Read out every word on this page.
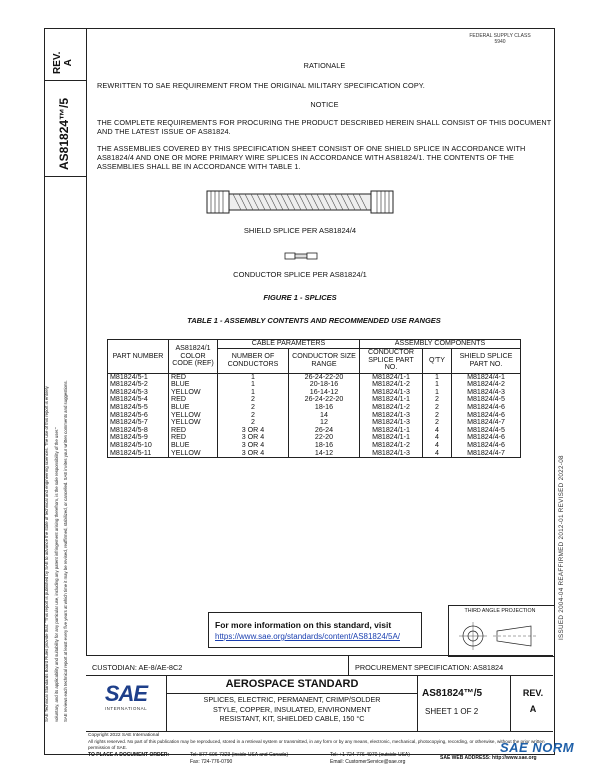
FEDERAL SUPPLY CLASS
5940
REV. A
AS81824™/5
SAE Technical Standards Board Rules provide that: "This report is published by SAE to advance the state of technical and engineering sciences. The use of this report is entirely	voluntary, and its applicability and suitability for any particular use, including any patent infringement arising therefrom, is the sole responsibility of the user."	SAE reviews each technical report at least every five years at which time it may be revised, reaffirmed, stabilized, or cancelled. SAE invites your written comments and suggestions.	ISSUED 2004-04 REAFFIRMED 2012-01 REVISED 2022-08
RATIONALE
REWRITTEN TO SAE REQUIREMENT FROM THE ORIGINAL MILITARY SPECIFICATION COPY.
NOTICE
THE COMPLETE REQUIREMENTS FOR PROCURING THE PRODUCT DESCRIBED HEREIN SHALL CONSIST OF THIS DOCUMENT AND THE LATEST ISSUE OF AS81824.
THE ASSEMBLIES COVERED BY THIS SPECIFICATION SHEET CONSIST OF ONE SHIELD SPLICE IN ACCORDANCE WITH AS81824/4 AND ONE OR MORE PRIMARY WIRE SPLICES IN ACCORDANCE WITH AS81824/1. THE CONTENTS OF THE ASSEMBLIES SHALL BE IN ACCORDANCE WITH TABLE 1.
SHIELD SPLICE PER AS81824/4
CONDUCTOR SPLICE PER AS81824/1
FIGURE 1 - SPLICES
TABLE 1 - ASSEMBLY CONTENTS AND RECOMMENDED USE RANGES
PART NUMBER	AS81824/1 COLOR CODE (REF)	CABLE PARAMETERS		ASSEMBLY COMPONENTS		
		NUMBER OF CONDUCTORS	CONDUCTOR SIZE RANGE	CONDUCTOR SPLICE PART NO.	Q'TY	SHIELD SPLICE PART NO.
M81824/5-1	RED	1	26-24-22-20	M81824/1-1	1	M81824/4-1
M81824/5-2	BLUE	1	20-18-16	M81824/1-2	1	M81824/4-2
M81824/5-3	YELLOW	1	16-14-12	M81824/1-3	1	M81824/4-3
M81824/5-4	RED	2	26-24-22-20	M81824/1-1	2	M81824/4-5
M81824/5-5	BLUE	2	18-16	M81824/1-2	2	M81824/4-6
M81824/5-6	YELLOW	2	14	M81824/1-3	2	M81824/4-6
M81824/5-7	YELLOW	2	12	M81824/1-3	2	M81824/4-7
M81824/5-8	RED	3 OR 4	26-24	M81824/1-1	4	M81824/4-5
M81824/5-9	RED	3 OR 4	22-20	M81824/1-1	4	M81824/4-6
M81824/5-10	BLUE	3 OR 4	18-16	M81824/1-2	4	M81824/4-6
M81824/5-11	YELLOW	3 OR 4	14-12	M81824/1-3	4	M81824/4-7
THIRD ANGLE PROJECTION
For more information on this standard, visit
https://www.sae.org/standards/content/AS81824/5A/
CUSTODIAN: AE-8/AE-8C2	PROCUREMENT SPECIFICATION: AS81824
SAE
INTERNATIONAL
AEROSPACE STANDARD
SPLICES, ELECTRIC, PERMANENT, CRIMP/SOLDER
STYLE, COPPER, INSULATED, ENVIRONMENT
RESISTANT, KIT, SHIELDED CABLE, 150 °C
AS81824™/5
SHEET 1 OF 2
REV.
A
Copyright 2022 SAE International
All rights reserved. No part of this publication may be reproduced, stored in a retrieval system or transmitted, in any form or by any means, electronic, mechanical, photocopying, recording, or otherwise, without the prior written permission of SAE.
TO PLACE A DOCUMENT ORDER:	Tel: 877-606-7323 (inside USA and Canada)
Fax: 724-776-0790
Tel: +1 724-776-4970 (outside USA)
Email: CustomerService@sae.org
SAE WEB ADDRESS: http://www.sae.org
SAE NORM
